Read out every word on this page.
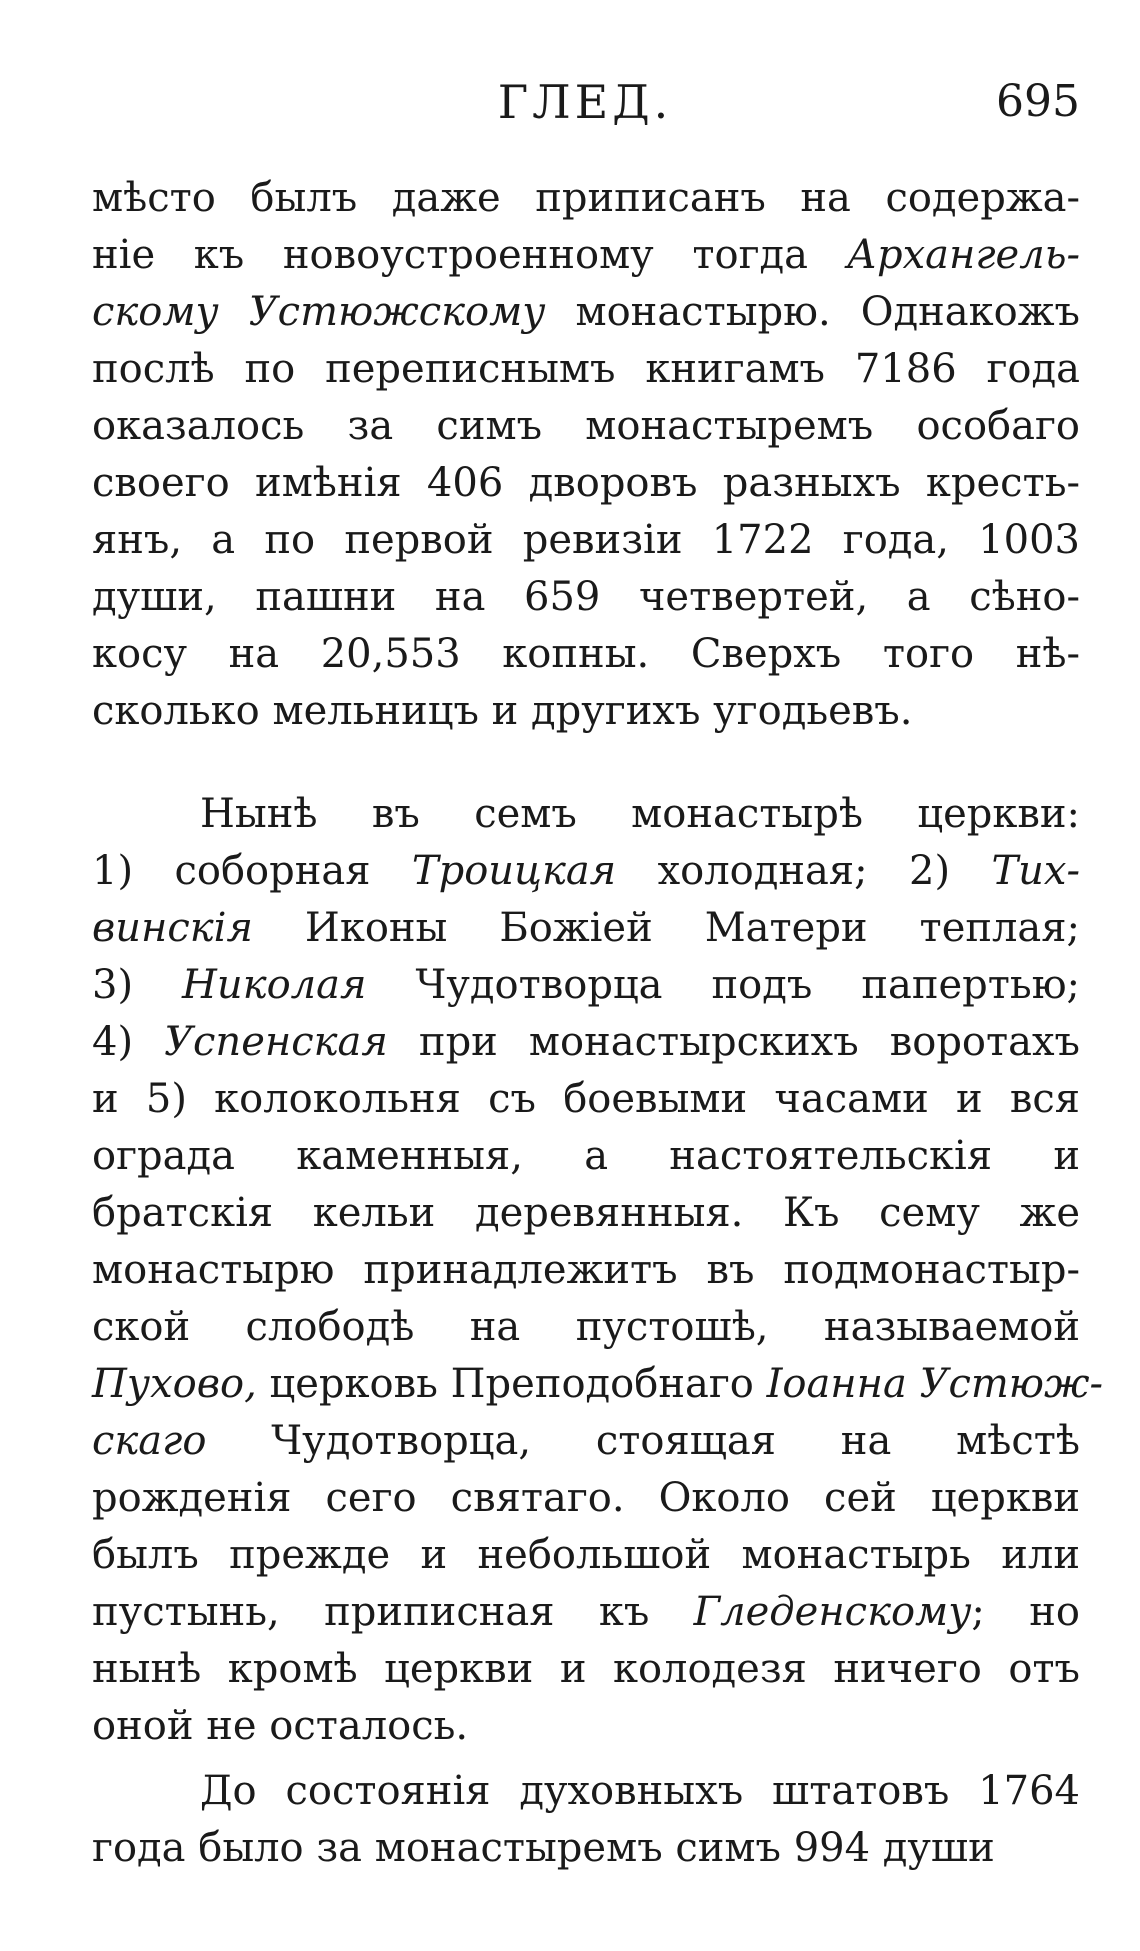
ГЛЕД.	695
мѣсто былъ даже приписанъ на содержа-
ніе къ новоустроенному тогда Архангель-
скому Устюжскому монастырю. Однакожъ
послѣ по переписнымъ книгамъ 7186 года
оказалось за симъ монастыремъ особаго
своего имѣнія 406 дворовъ разныхъ кресть-
янъ, а по первой ревизіи 1722 года, 1003
души, пашни на 659 четвертей, а сѣно-
косу на 20,553 копны. Сверхъ того нѣ-
сколько мельницъ и другихъ угодьевъ.
Нынѣ въ семъ монастырѣ церкви:
1) соборная Троицкая холодная; 2) Тих-
винскія Иконы Божіей Матери теплая;
3) Николая Чудотворца подъ папертью;
4) Успенская при монастырскихъ воротахъ
и 5) колокольня съ боевыми часами и вся
ограда каменныя, а настоятельскія и
братскія кельи деревянныя. Къ сему же
монастырю принадлежитъ въ подмонастыр-
ской слободѣ на пустошѣ, называемой
Пухово, церковь Преподобнаго Іоанна Устюж-
скаго Чудотворца, стоящая на мѣстѣ
рожденія сего святаго. Около сей церкви
былъ прежде и небольшой монастырь или
пустынь, приписная къ Гледенскому; но
нынѣ кромѣ церкви и колодезя ничего отъ
оной не осталось.
До состоянія духовныхъ штатовъ 1764
года было за монастыремъ симъ 994 души
